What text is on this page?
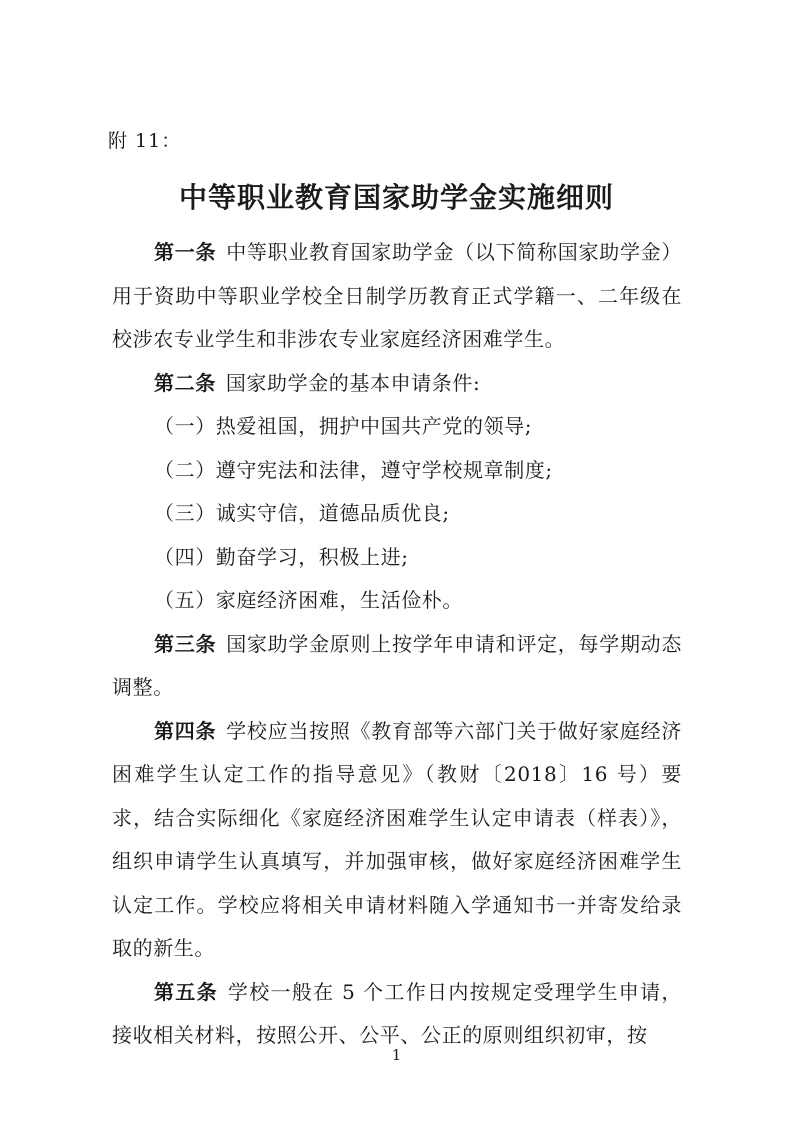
附 11：
中等职业教育国家助学金实施细则

第一条 中等职业教育国家助学金（以下简称国家助学金）用于资助中等职业学校全日制学历教育正式学籍一、二年级在校涉农专业学生和非涉农专业家庭经济困难学生。

第二条 国家助学金的基本申请条件:

（一）热爱祖国，拥护中国共产党的领导;

（二）遵守宪法和法律，遵守学校规章制度;

（三）诚实守信，道德品质优良;

（四）勤奋学习，积极上进;

（五）家庭经济困难，生活俭朴。

第三条 国家助学金原则上按学年申请和评定，每学期动态调整。

第四条 学校应当按照《教育部等六部门关于做好家庭经济困难学生认定工作的指导意见》（教财〔2018〕16 号）要求，结合实际细化《家庭经济困难学生认定申请表（样表）》，组织申请学生认真填写，并加强审核，做好家庭经济困难学生认定工作。学校应将相关申请材料随入学通知书一并寄发给录取的新生。

第五条 学校一般在 5 个工作日内按规定受理学生申请，接收相关材料，按照公开、公平、公正的原则组织初审，按

1
